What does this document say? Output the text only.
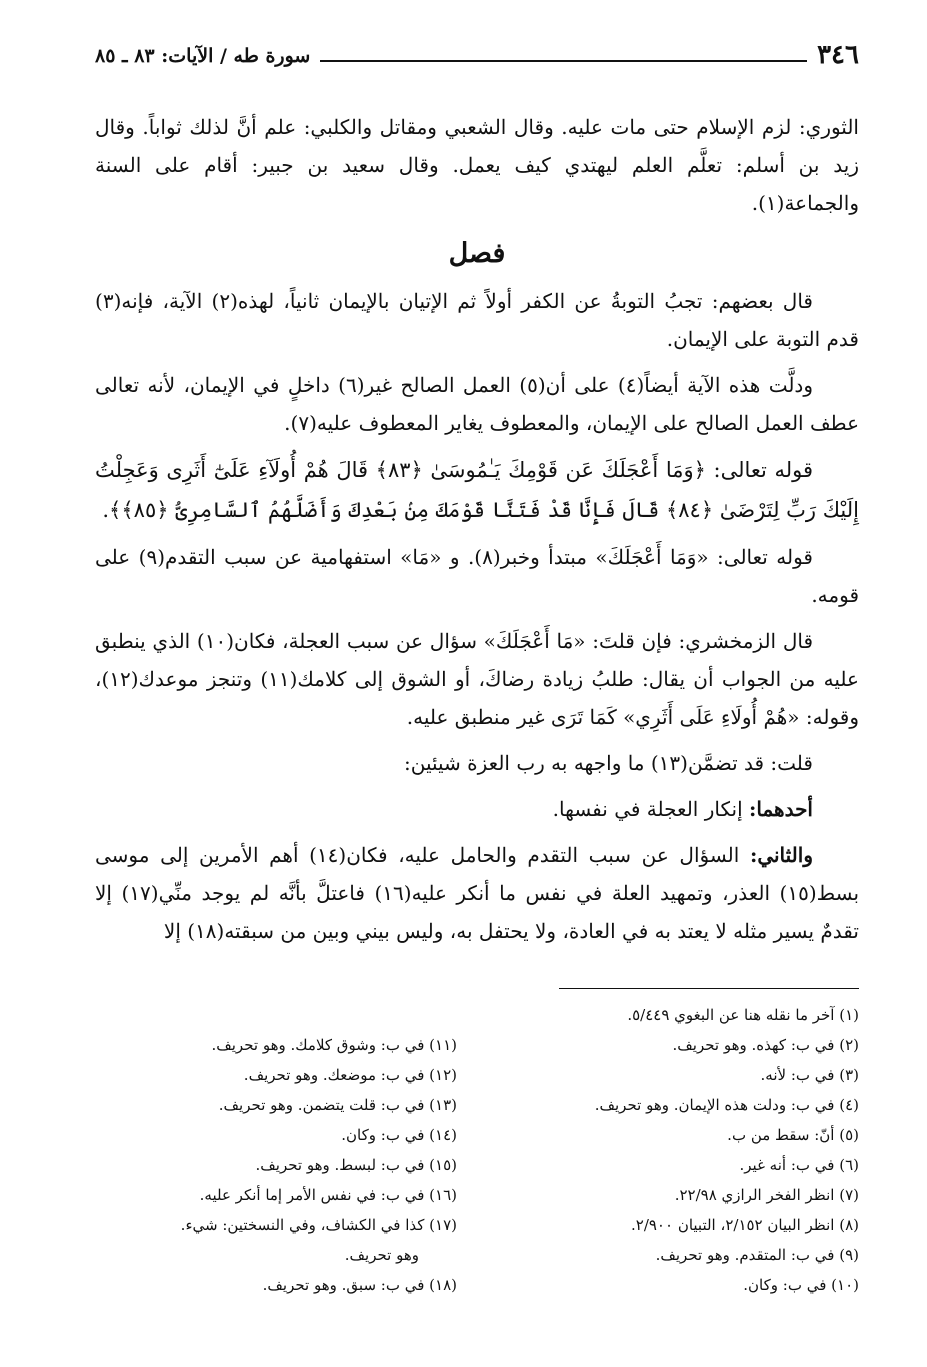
٣٤٦
سورة طه / الآيات: ٨٣ ـ ٨٥

الثوري: لزم الإسلام حتى مات عليه. وقال الشعبي ومقاتل والكلبي: علم أنَّ لذلك ثواباً. وقال زيد بن أسلم: تعلَّم العلم ليهتدي كيف يعمل. وقال سعيد بن جبير: أقام على السنة والجماعة(١).

فصل

قال بعضهم: تجبُ التوبةُ عن الكفر أولاً ثم الإتيان بالإيمان ثانياً، لهذه(٢) الآية، فإنه(٣) قدم التوبة على الإيمان.

ودلَّت هذه الآية أيضاً(٤) على أن(٥) العمل الصالح غير(٦) داخلٍ في الإيمان، لأنه تعالى عطف العمل الصالح على الإيمان، والمعطوف يغاير المعطوف عليه(٧).

قوله تعالى: ﴿وَمَا أَعْجَلَكَ عَن قَوْمِكَ يَـٰمُوسَىٰ ﴿٨٣﴾ قَالَ هُمْ أُولَآءِ عَلَىٰٓ أَثَرِى وَعَجِلْتُ إِلَيْكَ رَبِّ لِتَرْضَىٰ ﴿٨٤﴾ قَالَ فَإِنَّا قَدْ فَتَنَّا قَوْمَكَ مِنۢ بَعْدِكَ وَأَضَلَّهُمُ ٱلسَّامِرِىُّ ﴿٨٥﴾﴾.

قوله تعالى: «وَمَا أَعْجَلَكَ» مبتدأ وخبر(٨). و «مَا» استفهامية عن سبب التقدم(٩) على قومه.

قال الزمخشري: فإن قلتَ: «مَا أَعْجَلَكَ» سؤال عن سبب العجلة، فكان(١٠) الذي ينطبق عليه من الجواب أن يقال: طلبُ زيادة رضاكَ، أو الشوق إلى كلامك(١١) وتنجز موعدك(١٢)، وقوله: «هُمْ أُولَاءِ عَلَى أَثَرِي» كَمَا تَرَى غير منطبق عليه.

قلت: قد تضمَّن(١٣) ما واجهه به رب العزة شيئين:

أحدهما: إنكار العجلة في نفسها.

والثاني: السؤال عن سبب التقدم والحامل عليه، فكان(١٤) أهم الأمرين إلى موسى بسط(١٥) العذر، وتمهيد العلة في نفس ما أنكر عليه(١٦) فاعتلَّ بأنَّه لم يوجد منِّي(١٧) إلا تقدمٌ يسير مثله لا يعتد به في العادة، ولا يحتفل به، وليس بيني وبين من سبقته(١٨) إلا

(١) آخر ما نقله هنا عن البغوي ٥/٤٤٩.

(٢) في ب: كهذه. وهو تحريف.

(٣) في ب: لأنه.

(٤) في ب: ودلت هذه الإيمان. وهو تحريف.

(٥) أنّ: سقط من ب.

(٦) في ب: أنه غير.

(٧) انظر الفخر الرازي ٢٢/٩٨.

(٨) انظر البيان ٢/١٥٢، التبيان ٢/٩٠٠.

(٩) في ب: المتقدم. وهو تحريف.

(١٠) في ب: وكان.

(١١) في ب: وشوق كلامك. وهو تحريف.

(١٢) في ب: موضعك. وهو تحريف.

(١٣) في ب: قلت يتضمن. وهو تحريف.

(١٤) في ب: وكان.

(١٥) في ب: لبسط. وهو تحريف.

(١٦) في ب: في نفس الأمر إما أنكر عليه.

(١٧) كذا في الكشاف، وفي النسختين: شيء.

وهو تحريف.

(١٨) في ب: سبق. وهو تحريف.
